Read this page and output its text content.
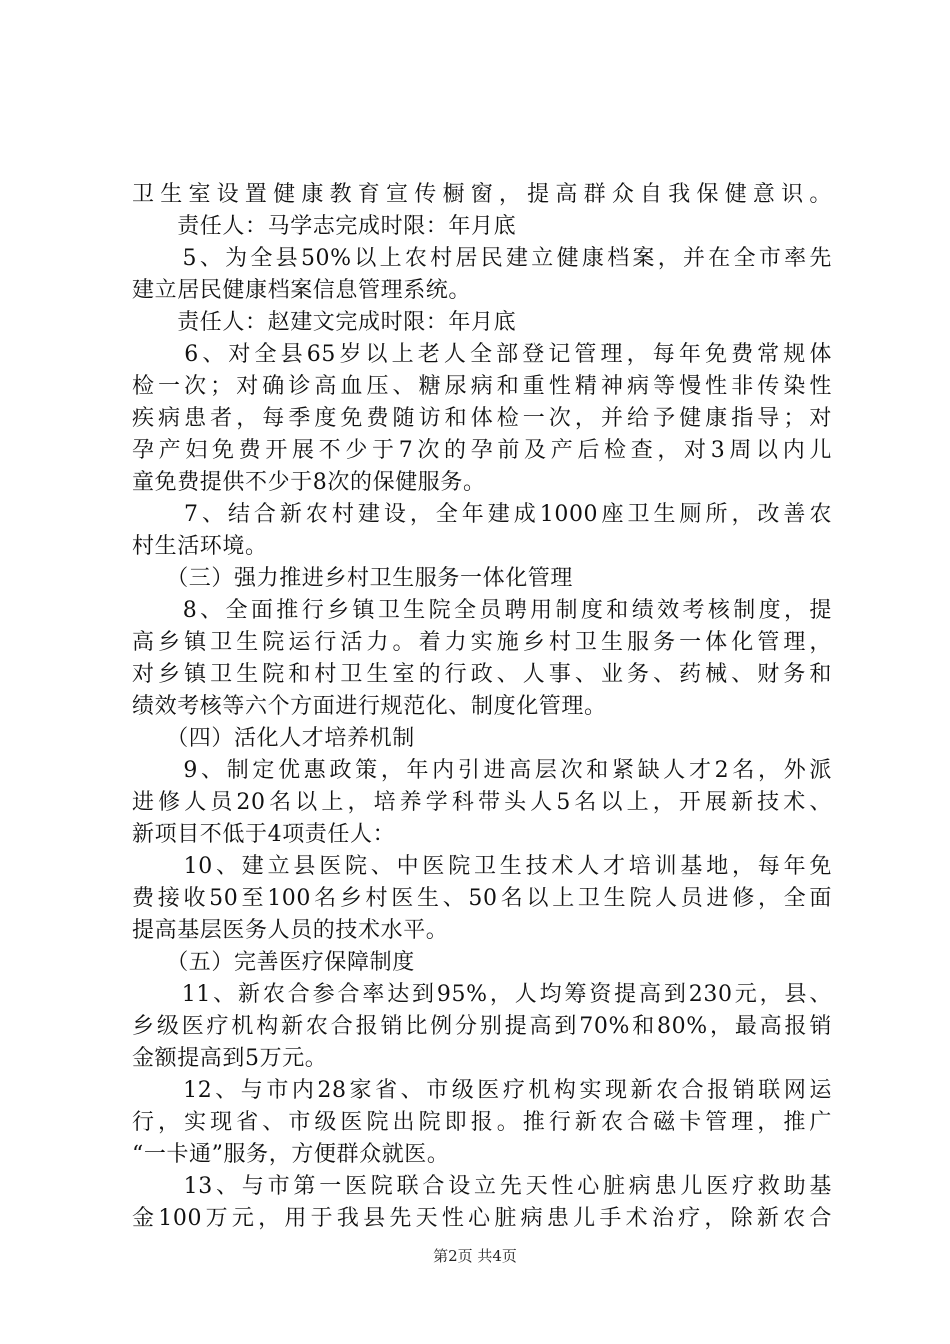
卫生室设置健康教育宣传橱窗，提高群众自我保健意识。
　　责任人：马学志完成时限：年月底
　　5、为全县50%以上农村居民建立健康档案，并在全市率先
建立居民健康档案信息管理系统。
　　责任人：赵建文完成时限：年月底
　　6、对全县65岁以上老人全部登记管理，每年免费常规体
检一次；对确诊高血压、糖尿病和重性精神病等慢性非传染性
疾病患者，每季度免费随访和体检一次，并给予健康指导；对
孕产妇免费开展不少于7次的孕前及产后检查，对3周以内儿
童免费提供不少于8次的保健服务。
　　7、结合新农村建设，全年建成1000座卫生厕所，改善农
村生活环境。
　　（三）强力推进乡村卫生服务一体化管理
　　8、全面推行乡镇卫生院全员聘用制度和绩效考核制度，提
高乡镇卫生院运行活力。着力实施乡村卫生服务一体化管理，
对乡镇卫生院和村卫生室的行政、人事、业务、药械、财务和
绩效考核等六个方面进行规范化、制度化管理。
　　（四）活化人才培养机制
　　9、制定优惠政策，年内引进高层次和紧缺人才2名，外派
进修人员20名以上，培养学科带头人5名以上，开展新技术、
新项目不低于4项责任人：
　　10、建立县医院、中医院卫生技术人才培训基地，每年免
费接收50至100名乡村医生、50名以上卫生院人员进修，全面
提高基层医务人员的技术水平。
　　（五）完善医疗保障制度
　　11、新农合参合率达到95%，人均筹资提高到230元，县、
乡级医疗机构新农合报销比例分别提高到70%和80%，最高报销
金额提高到5万元。
　　12、与市内28家省、市级医疗机构实现新农合报销联网运
行，实现省、市级医院出院即报。推行新农合磁卡管理，推广
“一卡通”服务，方便群众就医。
　　13、与市第一医院联合设立先天性心脏病患儿医疗救助基
金100万元，用于我县先天性心脏病患儿手术治疗，除新农合
第2页 共4页
